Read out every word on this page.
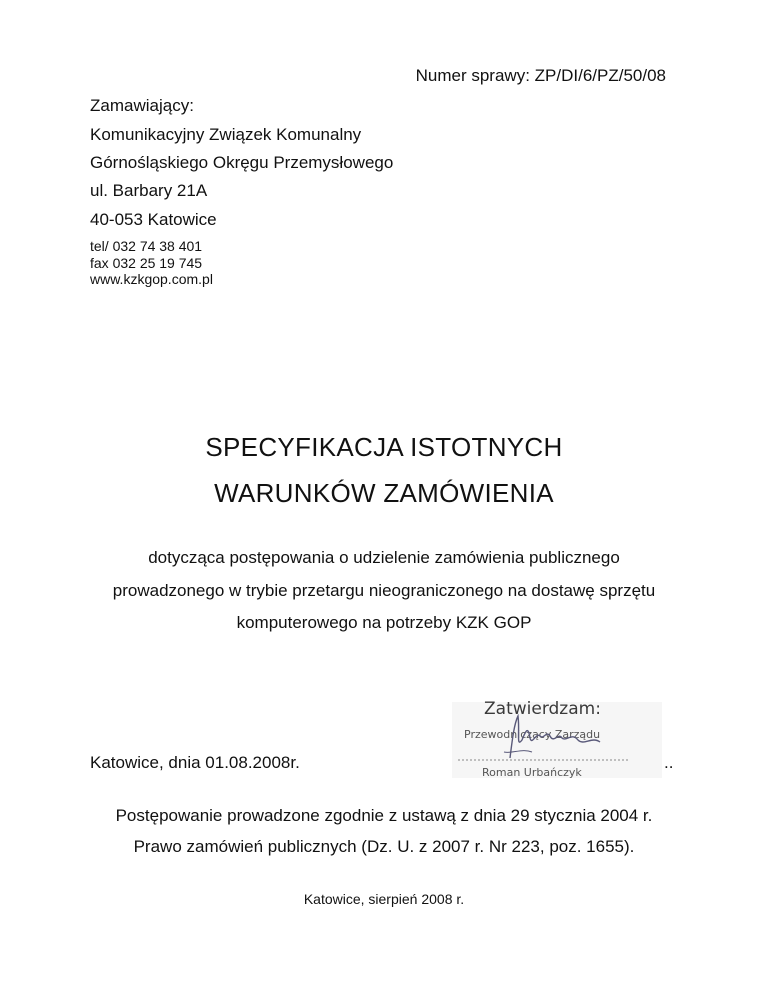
Numer sprawy: ZP/DI/6/PZ/50/08
Zamawiający:
Komunikacyjny Związek Komunalny
Górnośląskiego Okręgu Przemysłowego
ul. Barbary 21A
40-053 Katowice
tel/ 032 74 38 401
fax 032 25 19 745
www.kzkgop.com.pl
SPECYFIKACJA ISTOTNYCH
WARUNKÓW ZAMÓWIENIA
dotycząca postępowania o udzielenie zamówienia publicznego
prowadzonego w trybie przetargu nieograniczonego na dostawę sprzętu
komputerowego na potrzeby KZK GOP
Zatwierdzam:
Przewodniczący Zarządu
Roman Urbańczyk
Katowice, dnia 01.08.2008r.	..
Postępowanie prowadzone zgodnie z ustawą z dnia 29 stycznia 2004 r.
Prawo zamówień publicznych (Dz. U. z 2007 r. Nr 223, poz. 1655).
Katowice, sierpień 2008 r.
